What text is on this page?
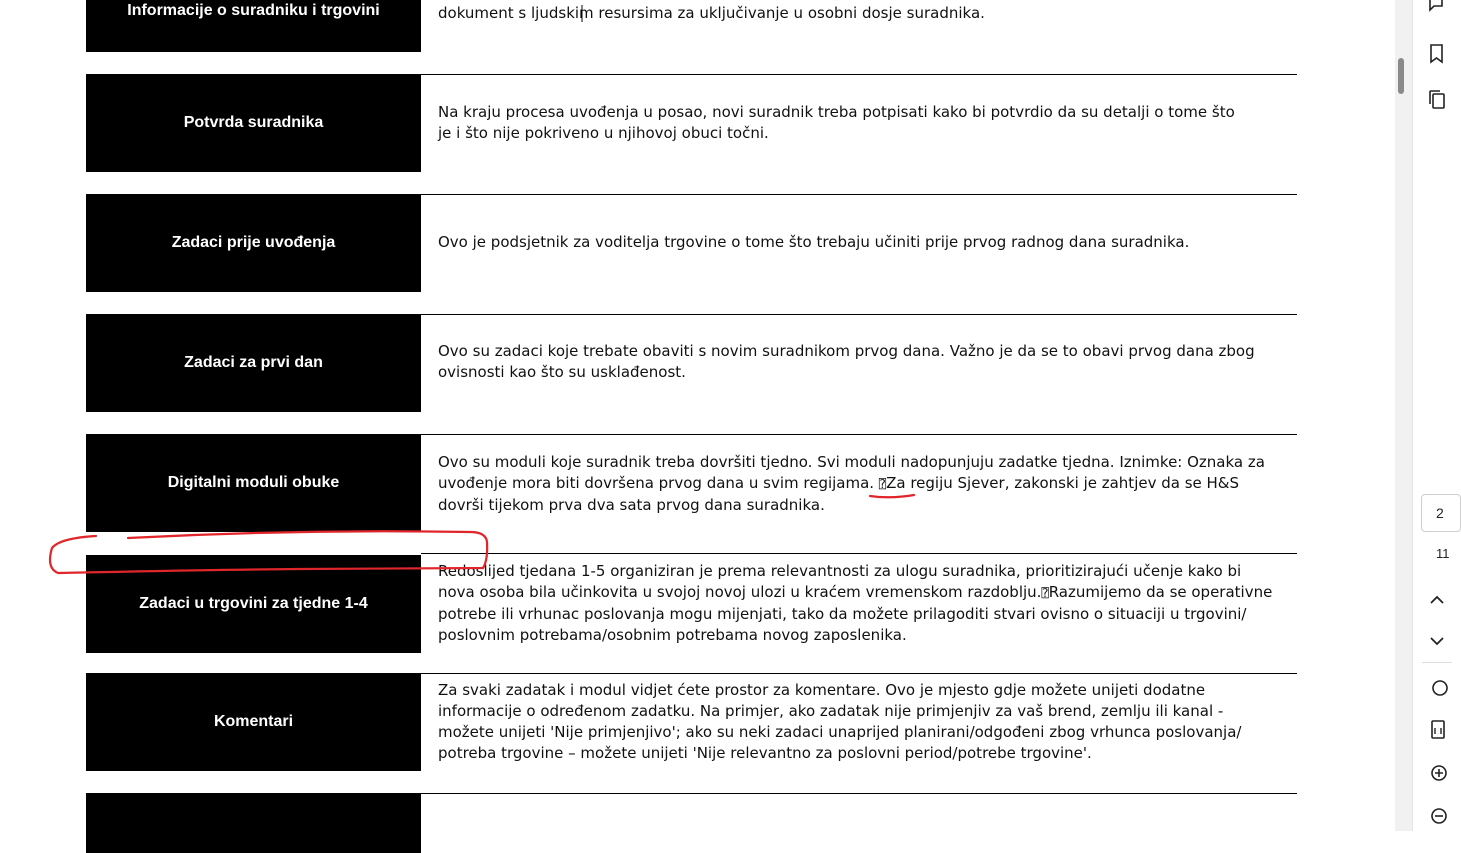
Informacije o suradniku i trgovini	dokument s ljudskim resursima za uključivanje u osobni dosje suradnika.
Potvrda suradnika
Na kraju procesa uvođenja u posao, novi suradnik treba potpisati kako bi potvrdio da su detalji o tome što
je i što nije pokriveno u njihovoj obuci točni.
Zadaci prije uvođenja	Ovo je podsjetnik za voditelja trgovine o tome što trebaju učiniti prije prvog radnog dana suradnika.
Zadaci za prvi dan
Ovo su zadaci koje trebate obaviti s novim suradnikom prvog dana. Važno je da se to obavi prvog dana zbog
ovisnosti kao što su usklađenost.
Digitalni moduli obuke
Ovo su moduli koje suradnik treba dovršiti tjedno. Svi moduli nadopunjuju zadatke tjedna. Iznimke: Oznaka za
uvođenje mora biti dovršena prvog dana u svim regijama. ⍰Za regiju Sjever, zakonski je zahtjev da se H&S
dovrši tijekom prva dva sata prvog dana suradnika.
Zadaci u trgovini za tjedne 1-4
Redoslijed tjedana 1-5 organiziran je prema relevantnosti za ulogu suradnika, prioritizirajući učenje kako bi
nova osoba bila učinkovita u svojoj novoj ulozi u kraćem vremenskom razdoblju.⍰Razumijemo da se operativne
potrebe ili vrhunac poslovanja mogu mijenjati, tako da možete prilagoditi stvari ovisno o situaciji u trgovini/
poslovnim potrebama/osobnim potrebama novog zaposlenika.
Komentari
Za svaki zadatak i modul vidjet ćete prostor za komentare. Ovo je mjesto gdje možete unijeti dodatne
informacije o određenom zadatku. Na primjer, ako zadatak nije primjenjiv za vaš brend, zemlju ili kanal -
možete unijeti 'Nije primjenjivo'; ako su neki zadaci unaprijed planirani/odgođeni zbog vrhunca poslovanja/
potreba trgovine – možete unijeti 'Nije relevantno za poslovni period/potrebe trgovine'.
2
11
